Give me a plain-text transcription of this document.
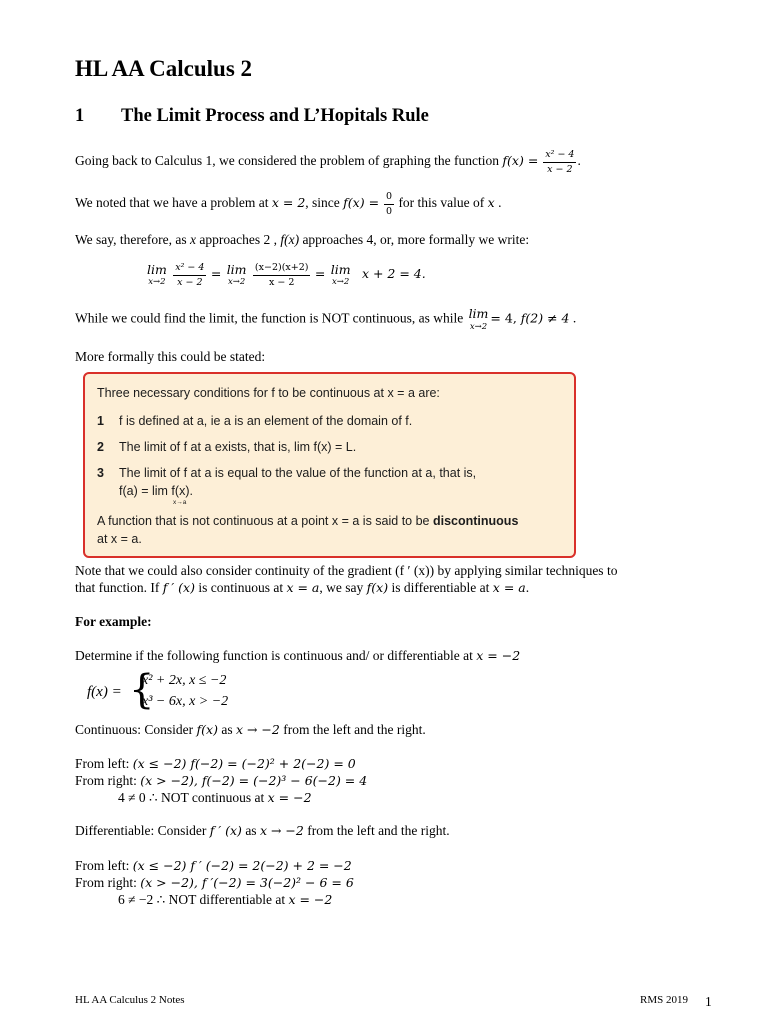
HL AA Calculus 2
1 The Limit Process and L’Hopitals Rule
Going back to Calculus 1, we considered the problem of graphing the function $f(x) = \frac{\text{x² − 4}}{x - 2}$ .
We noted that we have a problem at x = 2, since $f(x) = \frac{0}{0}$ for this value of x .
We say, therefore, as x approaches 2 , f(x) approaches 4, or, more formally we write:
lim
x→2
$\frac{\text{x² − 4}}{x - 2} = \lim$
x→2
$\frac{(x-2)(x+2)}{x - 2} = \lim$
x→2
x + 2 = 4.
While we could find the limit, the function is NOT continuous, as while lim
x→2
= 4, f(2) ≠ 4 .
More formally this could be stated:
Three necessary conditions for f to be continuous at x = a are:
1 f is defined at a, ie a is an element of the domain of f.
2 The limit of f at a exists, that is, lim f(x) = L.
3 The limit of f at a is equal to the value of the function at a, that is,
f(a) = lim f(x).
x→a
A function that is not continuous at a point x = a is said to be discontinuous
at x = a.
Note that we could also consider continuity of the gradient (f ′ (x)) by applying similar techniques to
that function. If f ′ (x) is continuous at x = a, we say f(x) is differentiable at x = a.
For example:
Determine if the following function is continuous and/ or differentiable at x = −2
f(x) = {
x² + 2x, x ≤ −2
x³ − 6x, x > −2
Continuous: Consider f(x) as x → −2 from the left and the right.
From left: (x ≤ −2) f(−2) = (−2)² + 2(−2) = 0
From right: (x > −2), f(−2) = (−2)³ − 6(−2) = 4
4 ≠ 0 ∴ NOT continuous at x = −2
Differentiable: Consider f ′ (x) as x → −2 from the left and the right.
From left: (x ≤ −2) f ′ (−2) = 2(−2) + 2 = −2
From right: (x > −2), f ′(−2) = 3(−2)² − 6 = 6
6 ≠ −2 ∴ NOT differentiable at x = −2
HL AA Calculus 2 Notes	RMS 2019 1
